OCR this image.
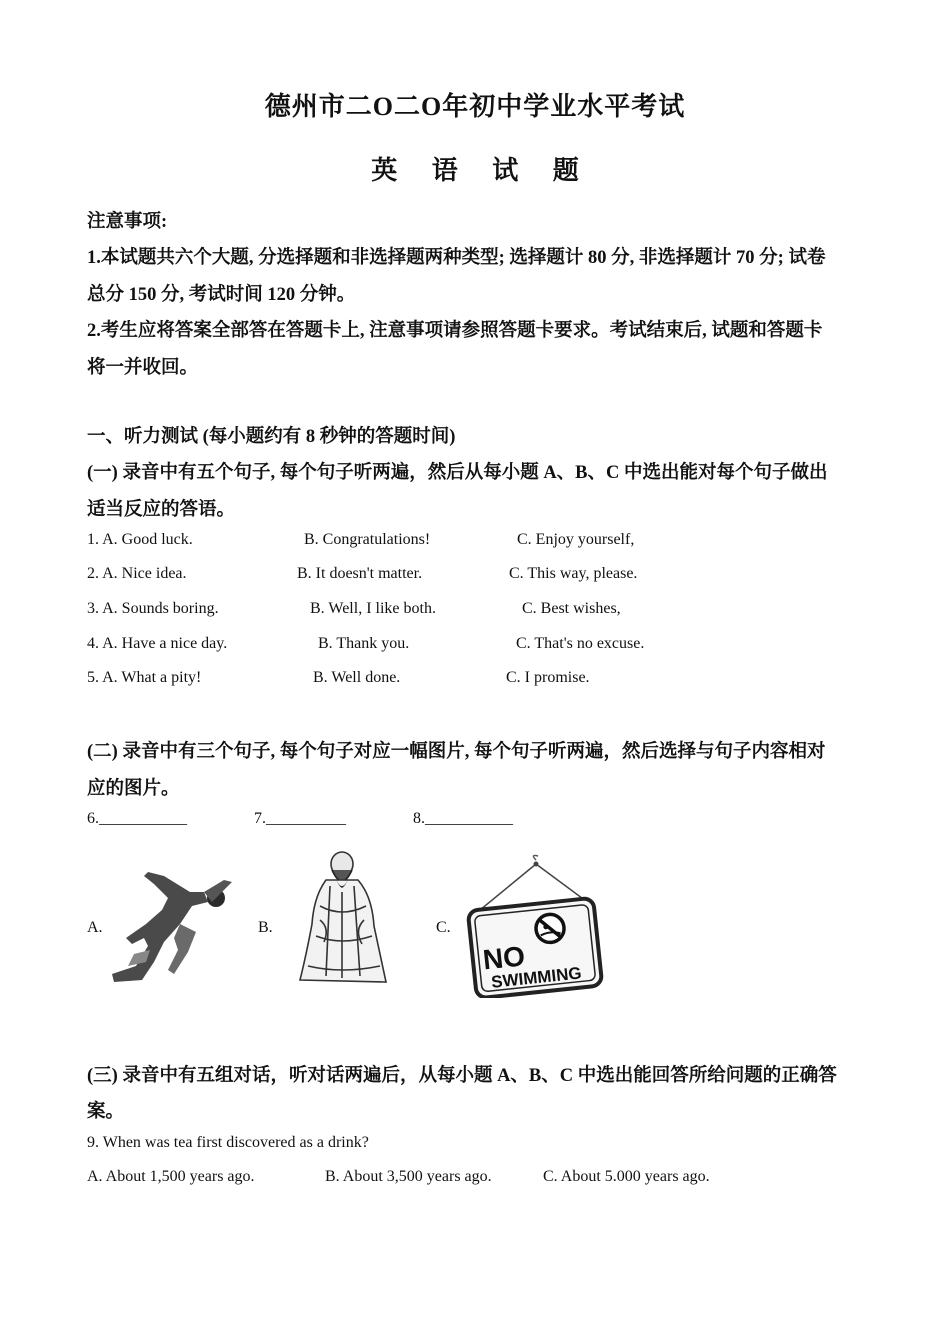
德州市二O二O年初中学业水平考试
英 语 试 题
注意事项:
1.本试题共六个大题, 分选择题和非选择题两种类型; 选择题计 80 分, 非选择题计 70 分; 试卷
总分 150 分, 考试时间 120 分钟。
2.考生应将答案全部答在答题卡上, 注意事项请参照答题卡要求。考试结束后, 试题和答题卡
将一并收回。
一、听力测试 (每小题约有 8 秒钟的答题时间)
(一) 录音中有五个句子, 每个句子听两遍，然后从每小题 A、B、C 中选出能对每个句子做出
适当反应的答语。
1. A. Good luck.	B. Congratulations!	C. Enjoy yourself,
2. A. Nice idea.	B. It doesn't matter.	C. This way, please.
3. A. Sounds boring.	B. Well, I like both.	C. Best wishes,
4. A. Have a nice day.	B. Thank you.	C. That's no excuse.
5. A. What a pity!	B. Well done.	C. I promise.
(二) 录音中有三个句子, 每个句子对应一幅图片, 每个句子听两遍，然后选择与句子内容相对
应的图片。
6.___________	7.__________	8.___________
A.	B.	C.
NO
SWIMMING
(三) 录音中有五组对话，听对话两遍后，从每小题 A、B、C 中选出能回答所给问题的正确答
案。
9. When was tea first discovered as a drink?
A. About 1,500 years ago.	B. About 3,500 years ago.	C. About 5.000 years ago.
